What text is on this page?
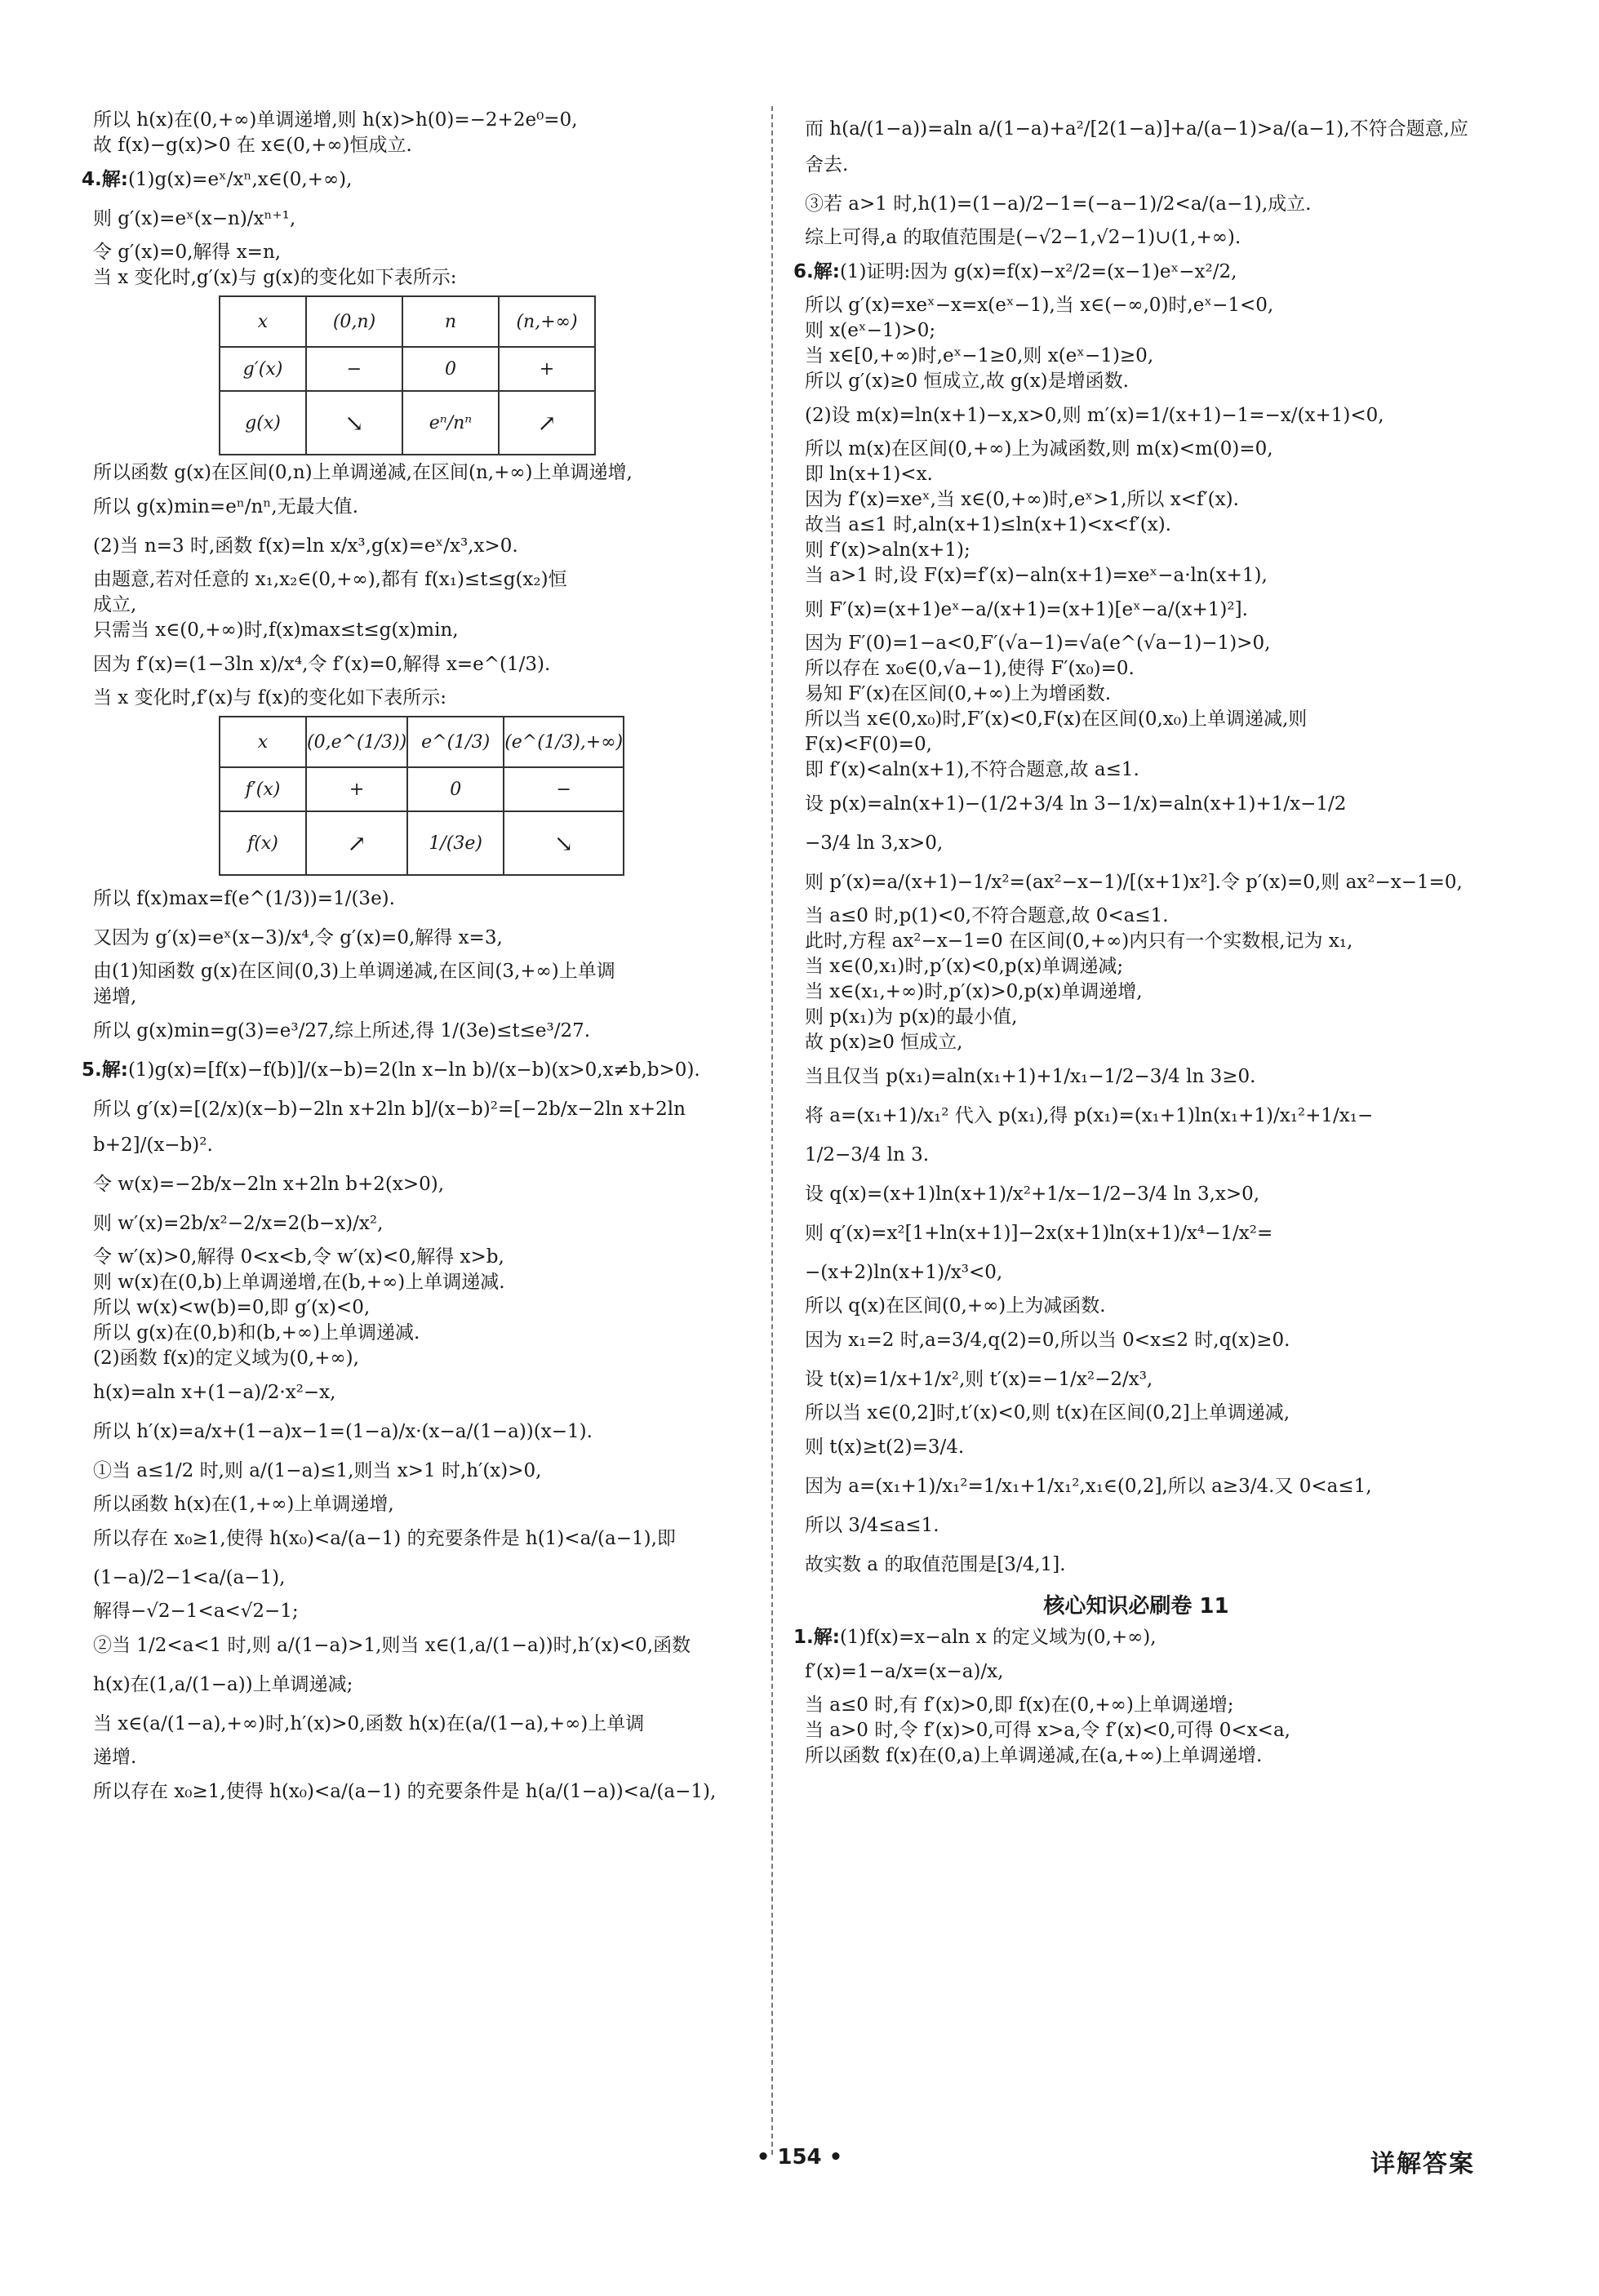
所以 h(x)在(0,+∞)单调递增,则 h(x)>h(0)=−2+2e⁰=0,

故 f(x)−g(x)>0 在 x∈(0,+∞)恒成立.

4.解:(1)g(x)=eˣ/xⁿ,x∈(0,+∞),

则 g′(x)=eˣ(x−n)/xⁿ⁺¹,

令 g′(x)=0,解得 x=n,

当 x 变化时,g′(x)与 g(x)的变化如下表所示:

x	(0,n)	n	(n,+∞)
g′(x)	−	0	+
g(x)	↘	eⁿ/nⁿ	↗

所以函数 g(x)在区间(0,n)上单调递减,在区间(n,+∞)上单调递增,

所以 g(x)min=eⁿ/nⁿ,无最大值.

(2)当 n=3 时,函数 f(x)=ln x/x³,g(x)=eˣ/x³,x>0.

由题意,若对任意的 x₁,x₂∈(0,+∞),都有 f(x₁)≤t≤g(x₂)恒

成立,

只需当 x∈(0,+∞)时,f(x)max≤t≤g(x)min,

因为 f′(x)=(1−3ln x)/x⁴,令 f′(x)=0,解得 x=e^(1/3).

当 x 变化时,f′(x)与 f(x)的变化如下表所示:

x	(0,e^(1/3))	e^(1/3)	(e^(1/3),+∞)
f′(x)	+	0	−
f(x)	↗	1/(3e)	↘

所以 f(x)max=f(e^(1/3))=1/(3e).

又因为 g′(x)=eˣ(x−3)/x⁴,令 g′(x)=0,解得 x=3,

由(1)知函数 g(x)在区间(0,3)上单调递减,在区间(3,+∞)上单调

递增,

所以 g(x)min=g(3)=e³/27,综上所述,得 1/(3e)≤t≤e³/27.

5.解:(1)g(x)=[f(x)−f(b)]/(x−b)=2(ln x−ln b)/(x−b)(x>0,x≠b,b>0).

所以 g′(x)=[(2/x)(x−b)−2ln x+2ln b]/(x−b)²=[−2b/x−2ln x+2ln b+2]/(x−b)².

令 w(x)=−2b/x−2ln x+2ln b+2(x>0),

则 w′(x)=2b/x²−2/x=2(b−x)/x²,

令 w′(x)>0,解得 0<x<b,令 w′(x)<0,解得 x>b,

则 w(x)在(0,b)上单调递增,在(b,+∞)上单调递减.

所以 w(x)<w(b)=0,即 g′(x)<0,

所以 g(x)在(0,b)和(b,+∞)上单调递减.

(2)函数 f(x)的定义域为(0,+∞),

h(x)=aln x+(1−a)/2·x²−x,

所以 h′(x)=a/x+(1−a)x−1=(1−a)/x·(x−a/(1−a))(x−1).

①当 a≤1/2 时,则 a/(1−a)≤1,则当 x>1 时,h′(x)>0,

所以函数 h(x)在(1,+∞)上单调递增,

所以存在 x₀≥1,使得 h(x₀)<a/(a−1) 的充要条件是 h(1)<a/(a−1),即

(1−a)/2−1<a/(a−1),

解得−√2−1<a<√2−1;

②当 1/2<a<1 时,则 a/(1−a)>1,则当 x∈(1,a/(1−a))时,h′(x)<0,函数

h(x)在(1,a/(1−a))上单调递减;

当 x∈(a/(1−a),+∞)时,h′(x)>0,函数 h(x)在(a/(1−a),+∞)上单调

递增.

所以存在 x₀≥1,使得 h(x₀)<a/(a−1) 的充要条件是 h(a/(1−a))<a/(a−1),

而 h(a/(1−a))=aln a/(1−a)+a²/[2(1−a)]+a/(a−1)>a/(a−1),不符合题意,应舍去.

③若 a>1 时,h(1)=(1−a)/2−1=(−a−1)/2<a/(a−1),成立.

综上可得,a 的取值范围是(−√2−1,√2−1)∪(1,+∞).

6.解:(1)证明:因为 g(x)=f(x)−x²/2=(x−1)eˣ−x²/2,

所以 g′(x)=xeˣ−x=x(eˣ−1),当 x∈(−∞,0)时,eˣ−1<0,

则 x(eˣ−1)>0;

当 x∈[0,+∞)时,eˣ−1≥0,则 x(eˣ−1)≥0,

所以 g′(x)≥0 恒成立,故 g(x)是增函数.

(2)设 m(x)=ln(x+1)−x,x>0,则 m′(x)=1/(x+1)−1=−x/(x+1)<0,

所以 m(x)在区间(0,+∞)上为减函数,则 m(x)<m(0)=0,

即 ln(x+1)<x.

因为 f′(x)=xeˣ,当 x∈(0,+∞)时,eˣ>1,所以 x<f′(x).

故当 a≤1 时,aln(x+1)≤ln(x+1)<x<f′(x).

则 f′(x)>aln(x+1);

当 a>1 时,设 F(x)=f′(x)−aln(x+1)=xeˣ−a·ln(x+1),

则 F′(x)=(x+1)eˣ−a/(x+1)=(x+1)[eˣ−a/(x+1)²].

因为 F′(0)=1−a<0,F′(√a−1)=√a(e^(√a−1)−1)>0,

所以存在 x₀∈(0,√a−1),使得 F′(x₀)=0.

易知 F′(x)在区间(0,+∞)上为增函数.

所以当 x∈(0,x₀)时,F′(x)<0,F(x)在区间(0,x₀)上单调递减,则

F(x)<F(0)=0,

即 f′(x)<aln(x+1),不符合题意,故 a≤1.

设 p(x)=aln(x+1)−(1/2+3/4 ln 3−1/x)=aln(x+1)+1/x−1/2

−3/4 ln 3,x>0,

则 p′(x)=a/(x+1)−1/x²=(ax²−x−1)/[(x+1)x²].令 p′(x)=0,则 ax²−x−1=0,

当 a≤0 时,p(1)<0,不符合题意,故 0<a≤1.

此时,方程 ax²−x−1=0 在区间(0,+∞)内只有一个实数根,记为 x₁,

当 x∈(0,x₁)时,p′(x)<0,p(x)单调递减;

当 x∈(x₁,+∞)时,p′(x)>0,p(x)单调递增,

则 p(x₁)为 p(x)的最小值,

故 p(x)≥0 恒成立,

当且仅当 p(x₁)=aln(x₁+1)+1/x₁−1/2−3/4 ln 3≥0.

将 a=(x₁+1)/x₁² 代入 p(x₁),得 p(x₁)=(x₁+1)ln(x₁+1)/x₁²+1/x₁−

1/2−3/4 ln 3.

设 q(x)=(x+1)ln(x+1)/x²+1/x−1/2−3/4 ln 3,x>0,

则 q′(x)=x²[1+ln(x+1)]−2x(x+1)ln(x+1)/x⁴−1/x²=

−(x+2)ln(x+1)/x³<0,

所以 q(x)在区间(0,+∞)上为减函数.

因为 x₁=2 时,a=3/4,q(2)=0,所以当 0<x≤2 时,q(x)≥0.

设 t(x)=1/x+1/x²,则 t′(x)=−1/x²−2/x³,

所以当 x∈(0,2]时,t′(x)<0,则 t(x)在区间(0,2]上单调递减,

则 t(x)≥t(2)=3/4.

因为 a=(x₁+1)/x₁²=1/x₁+1/x₁²,x₁∈(0,2],所以 a≥3/4.又 0<a≤1,

所以 3/4≤a≤1.

故实数 a 的取值范围是[3/4,1].

核心知识必刷卷 11

1.解:(1)f(x)=x−aln x 的定义域为(0,+∞),

f′(x)=1−a/x=(x−a)/x,

当 a≤0 时,有 f′(x)>0,即 f(x)在(0,+∞)上单调递增;

当 a>0 时,令 f′(x)>0,可得 x>a,令 f′(x)<0,可得 0<x<a,

所以函数 f(x)在(0,a)上单调递减,在(a,+∞)上单调递增.

• 154 •	详解答案
